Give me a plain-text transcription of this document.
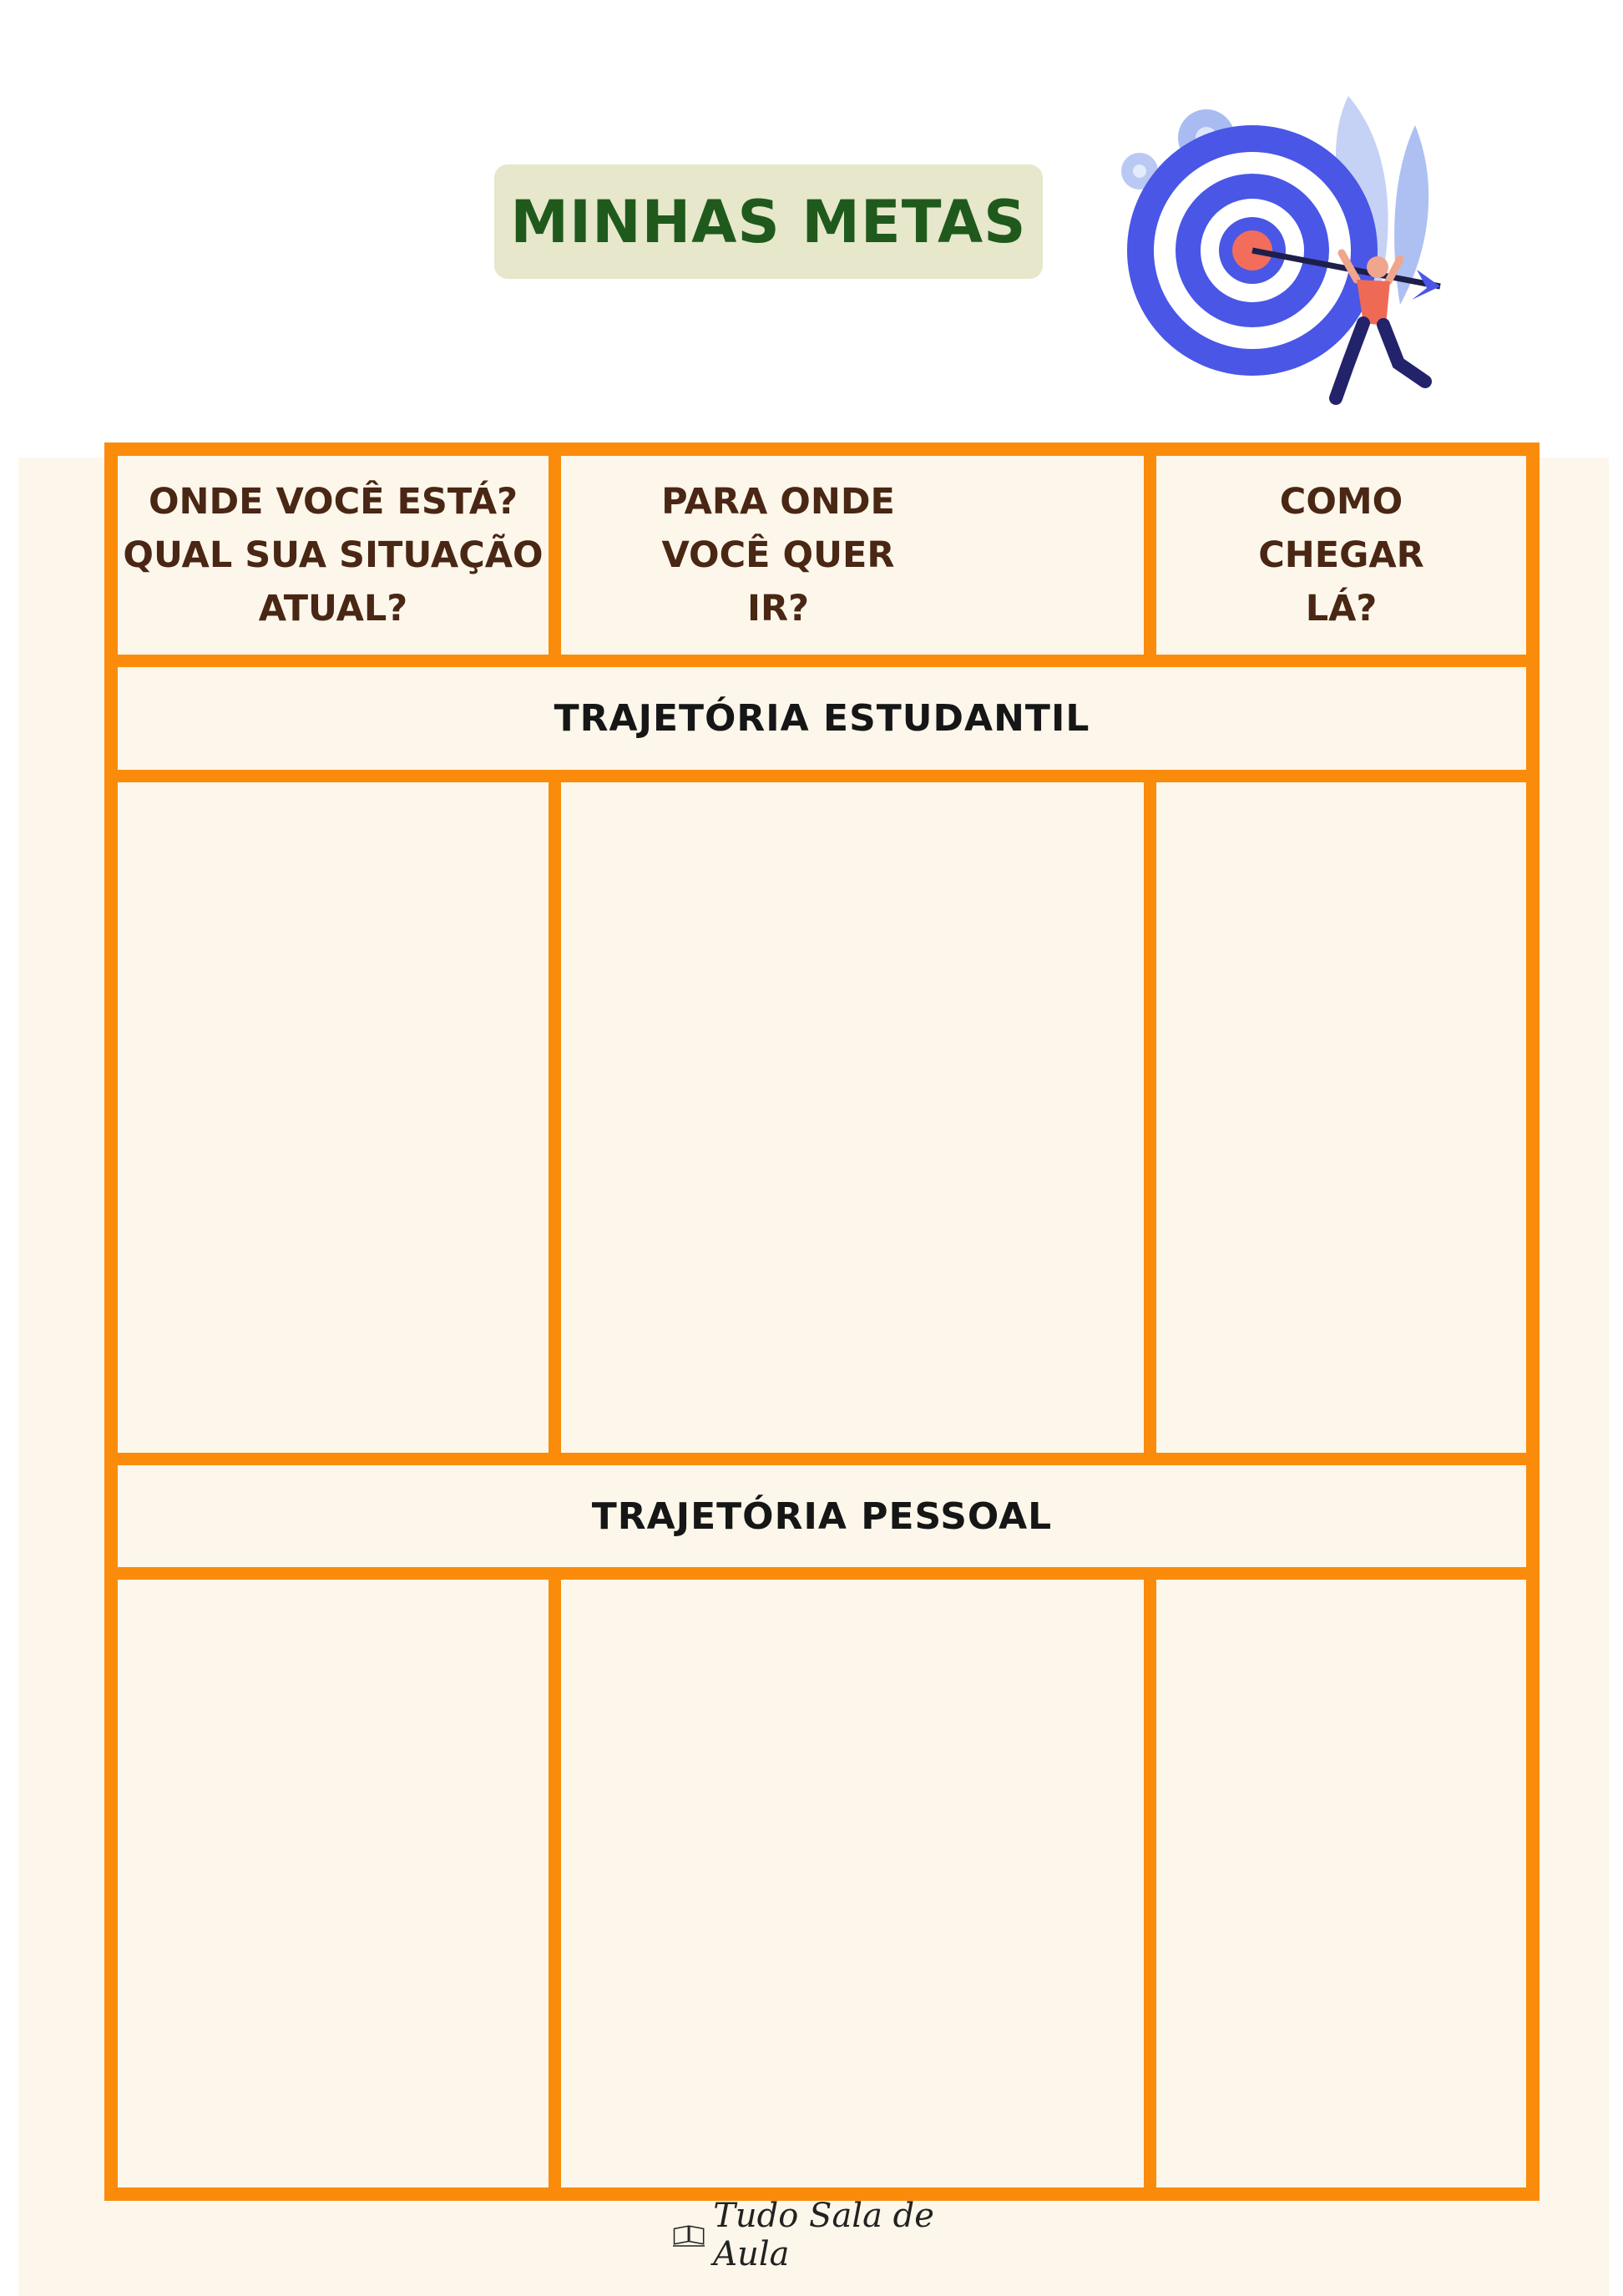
MINHAS METAS
ONDE VOCÊ ESTÁ? QUAL SUA SITUAÇÃO ATUAL?
PARA ONDE VOCÊ QUER IR?
COMO CHEGAR LÁ?
TRAJETÓRIA ESTUDANTIL
TRAJETÓRIA PESSOAL
Tudo Sala de Aula
